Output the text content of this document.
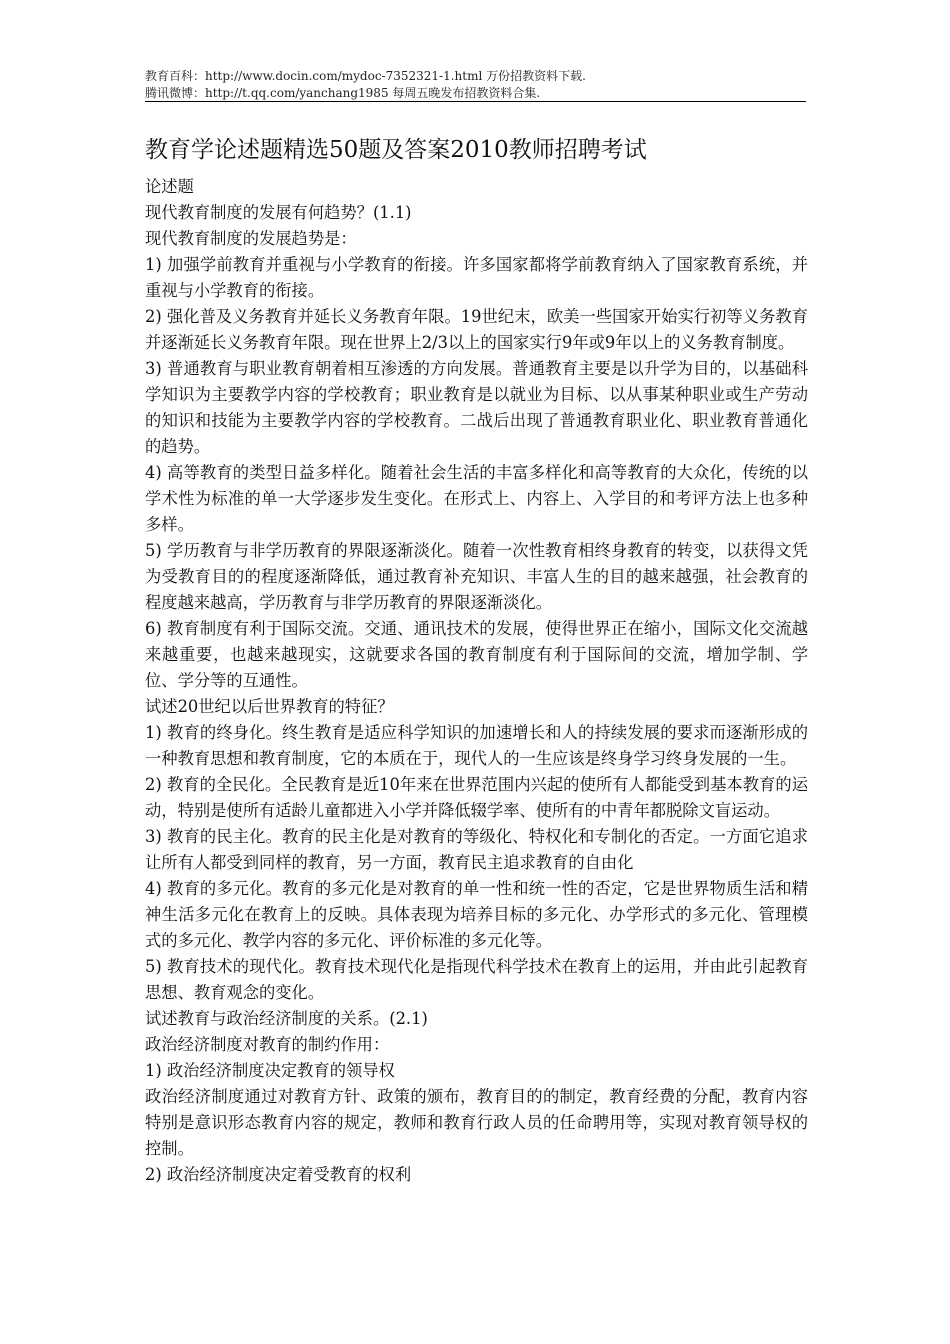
教育百科：http://www.docin.com/mydoc-7352321-1.html 万份招教资料下载.
腾讯微博：http://t.qq.com/yanchang1985 每周五晚发布招教资料合集.
教育学论述题精选50题及答案2010教师招聘考试

论述题

现代教育制度的发展有何趋势？(1.1)

现代教育制度的发展趋势是：

1) 加强学前教育并重视与小学教育的衔接。许多国家都将学前教育纳入了国家教育系统，并重视与小学教育的衔接。

2) 强化普及义务教育并延长义务教育年限。19世纪末，欧美一些国家开始实行初等义务教育并逐渐延长义务教育年限。现在世界上2/3以上的国家实行9年或9年以上的义务教育制度。

3) 普通教育与职业教育朝着相互渗透的方向发展。普通教育主要是以升学为目的，以基础科学知识为主要教学内容的学校教育；职业教育是以就业为目标、以从事某种职业或生产劳动的知识和技能为主要教学内容的学校教育。二战后出现了普通教育职业化、职业教育普通化的趋势。

4) 高等教育的类型日益多样化。随着社会生活的丰富多样化和高等教育的大众化，传统的以学术性为标准的单一大学逐步发生变化。在形式上、内容上、入学目的和考评方法上也多种多样。

5) 学历教育与非学历教育的界限逐渐淡化。随着一次性教育相终身教育的转变，以获得文凭为受教育目的的程度逐渐降低，通过教育补充知识、丰富人生的目的越来越强，社会教育的程度越来越高，学历教育与非学历教育的界限逐渐淡化。

6) 教育制度有利于国际交流。交通、通讯技术的发展，使得世界正在缩小，国际文化交流越来越重要，也越来越现实，这就要求各国的教育制度有利于国际间的交流，增加学制、学位、学分等的互通性。

试述20世纪以后世界教育的特征？

1) 教育的终身化。终生教育是适应科学知识的加速增长和人的持续发展的要求而逐渐形成的一种教育思想和教育制度，它的本质在于，现代人的一生应该是终身学习终身发展的一生。

2) 教育的全民化。全民教育是近10年来在世界范围内兴起的使所有人都能受到基本教育的运动，特别是使所有适龄儿童都进入小学并降低辍学率、使所有的中青年都脱除文盲运动。

3) 教育的民主化。教育的民主化是对教育的等级化、特权化和专制化的否定。一方面它追求让所有人都受到同样的教育，另一方面，教育民主追求教育的自由化

4) 教育的多元化。教育的多元化是对教育的单一性和统一性的否定，它是世界物质生活和精神生活多元化在教育上的反映。具体表现为培养目标的多元化、办学形式的多元化、管理模式的多元化、教学内容的多元化、评价标准的多元化等。

5) 教育技术的现代化。教育技术现代化是指现代科学技术在教育上的运用，并由此引起教育思想、教育观念的变化。

试述教育与政治经济制度的关系。(2.1)

政治经济制度对教育的制约作用：

1) 政治经济制度决定教育的领导权

政治经济制度通过对教育方针、政策的颁布，教育目的的制定，教育经费的分配，教育内容特别是意识形态教育内容的规定，教师和教育行政人员的任命聘用等，实现对教育领导权的控制。

2) 政治经济制度决定着受教育的权利
